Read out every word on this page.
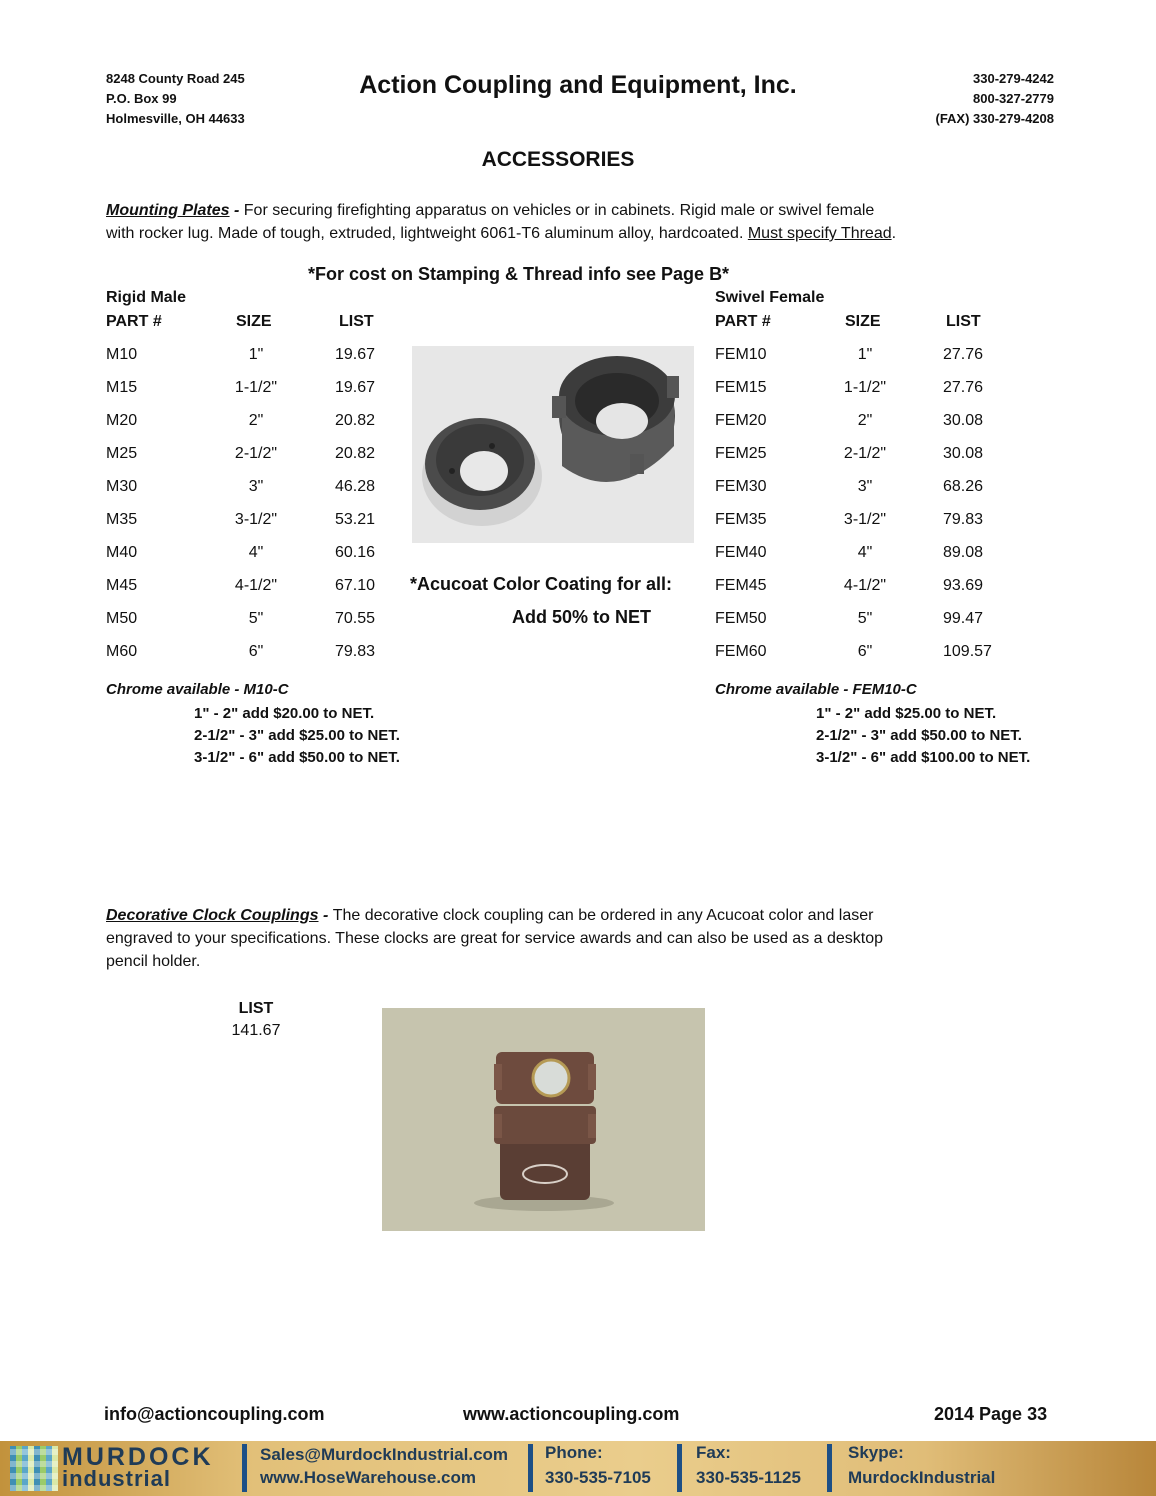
8248 County Road 245
P.O. Box 99
Holmesville, OH 44633
Action Coupling and Equipment, Inc.	330-279-4242
800-327-2779
(FAX) 330-279-4208
ACCESSORIES
Mounting Plates - For securing firefighting apparatus on vehicles or in cabinets. Rigid male or swivel female
with rocker lug. Made of tough, extruded, lightweight 6061-T6 aluminum alloy, hardcoated. Must specify Thread.
*For cost on Stamping & Thread info see Page B*
Rigid Male
PART #	SIZE	LIST
M10	1"	19.67
M15	1-1/2"	19.67
M20	2"	20.82
M25	2-1/2"	20.82
M30	3"	46.28
M35	3-1/2"	53.21
M40	4"	60.16
M45	4-1/2"	67.10
M50	5"	70.55
M60	6"	79.83
Swivel Female
PART #	SIZE	LIST
FEM10	1"	27.76
FEM15	1-1/2"	27.76
FEM20	2"	30.08
FEM25	2-1/2"	30.08
FEM30	3"	68.26
FEM35	3-1/2"	79.83
FEM40	4"	89.08
FEM45	4-1/2"	93.69
FEM50	5"	99.47
FEM60	6"	109.57
*Acucoat Color Coating for all:
Add 50% to NET
Chrome available - M10-C
1" - 2" add $20.00 to NET.
2-1/2" - 3" add $25.00 to NET.
3-1/2" - 6" add $50.00 to NET.
Chrome available - FEM10-C
1" - 2" add $25.00 to NET.
2-1/2" - 3" add $50.00 to NET.
3-1/2" - 6" add $100.00 to NET.
Decorative Clock Couplings - The decorative clock coupling can be ordered in any Acucoat color and laser
engraved to your specifications. These clocks are great for service awards and can also be used as a desktop
pencil holder.
LIST
141.67
info@actioncoupling.com	www.actioncoupling.com	2014 Page 33
MURDOCK
industrial
Sales@MurdockIndustrial.com
www.HoseWarehouse.com
Phone:
330-535-7105
Fax:
330-535-1125
Skype:
MurdockIndustrial
